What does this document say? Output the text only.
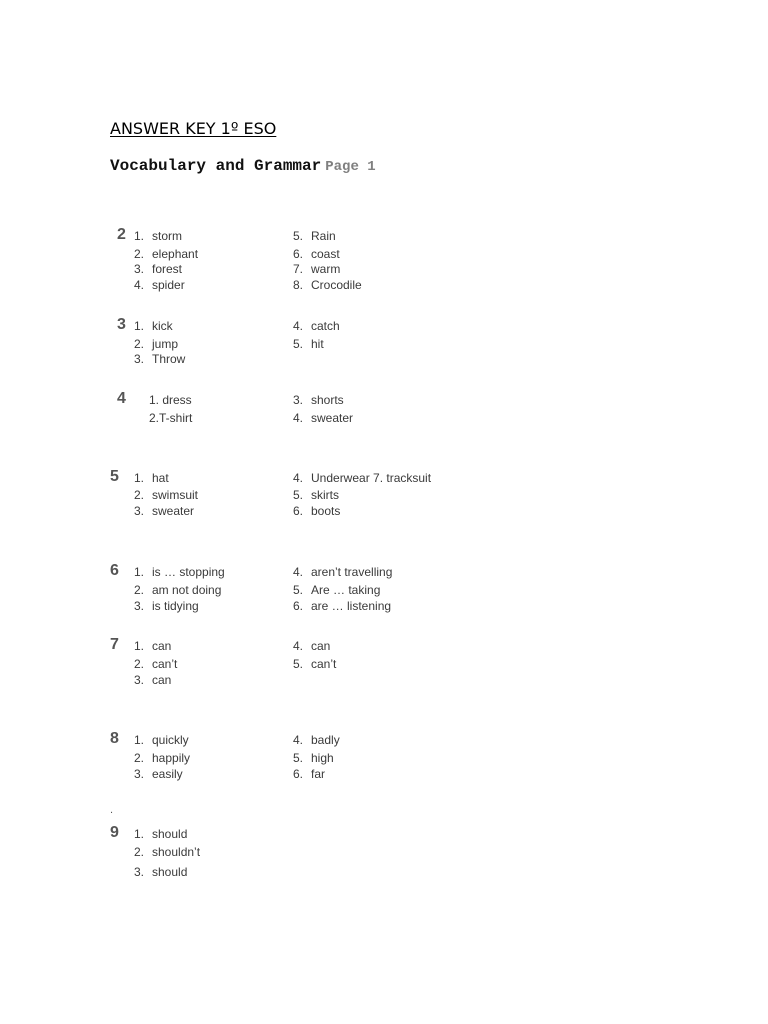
ANSWER KEY 1º ESO
Vocabulary and Grammar Page 1
2 1. storm
2. elephant
3. forest
4. spider
5. Rain
6. coast
7. warm
8. Crocodile
3 1. kick
2. jump
3. Throw
4. catch
5. hit
4 1. dress
2.T-shirt
3. shorts
4. sweater
5	1. hat
2. swimsuit
3. sweater
4. Underwear 7. tracksuit
5. skirts
6. boots
6	1. is … stopping
2. am not doing
3. is tidying
4. aren’t travelling
5. Are … taking
6. are … listening
7	1. can
2. can’t
3. can
4. can
5. can’t
8	1. quickly
2. happily
3. easily
4. badly
5. high
6. far
9	1. should
2. shouldn’t
3. should
.
